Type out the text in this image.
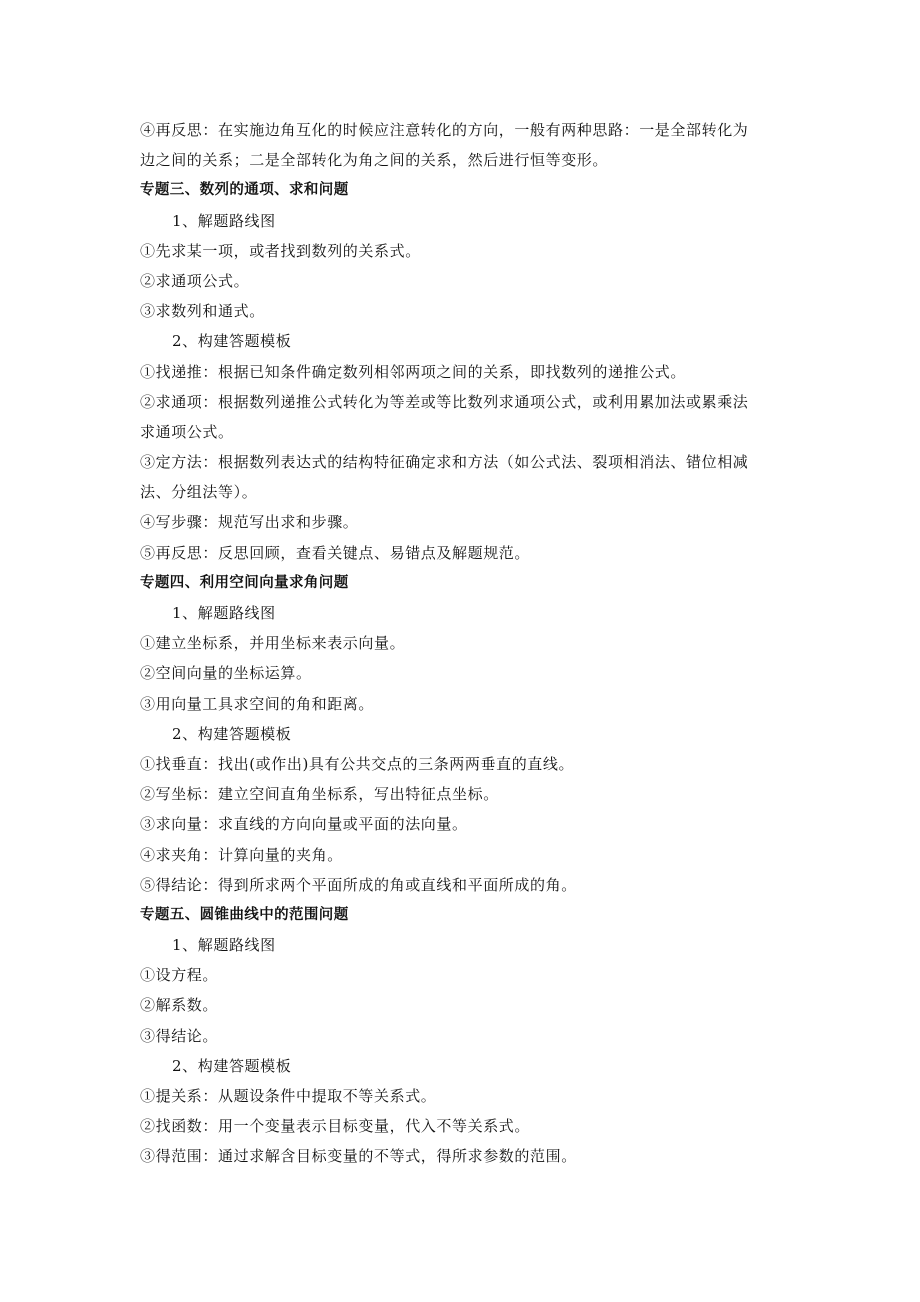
④再反思：在实施边角互化的时候应注意转化的方向，一般有两种思路：一是全部转化为
边之间的关系；二是全部转化为角之间的关系，然后进行恒等变形。
专题三、数列的通项、求和问题
1、解题路线图
①先求某一项，或者找到数列的关系式。
②求通项公式。
③求数列和通式。
2、构建答题模板
①找递推：根据已知条件确定数列相邻两项之间的关系，即找数列的递推公式。
②求通项：根据数列递推公式转化为等差或等比数列求通项公式，或利用累加法或累乘法
求通项公式。
③定方法：根据数列表达式的结构特征确定求和方法（如公式法、裂项相消法、错位相减
法、分组法等）。
④写步骤：规范写出求和步骤。
⑤再反思：反思回顾，查看关键点、易错点及解题规范。
专题四、利用空间向量求角问题
1、解题路线图
①建立坐标系，并用坐标来表示向量。
②空间向量的坐标运算。
③用向量工具求空间的角和距离。
2、构建答题模板
①找垂直：找出(或作出)具有公共交点的三条两两垂直的直线。
②写坐标：建立空间直角坐标系，写出特征点坐标。
③求向量：求直线的方向向量或平面的法向量。
④求夹角：计算向量的夹角。
⑤得结论：得到所求两个平面所成的角或直线和平面所成的角。
专题五、圆锥曲线中的范围问题
1、解题路线图
①设方程。
②解系数。
③得结论。
2、构建答题模板
①提关系：从题设条件中提取不等关系式。
②找函数：用一个变量表示目标变量，代入不等关系式。
③得范围：通过求解含目标变量的不等式，得所求参数的范围。
